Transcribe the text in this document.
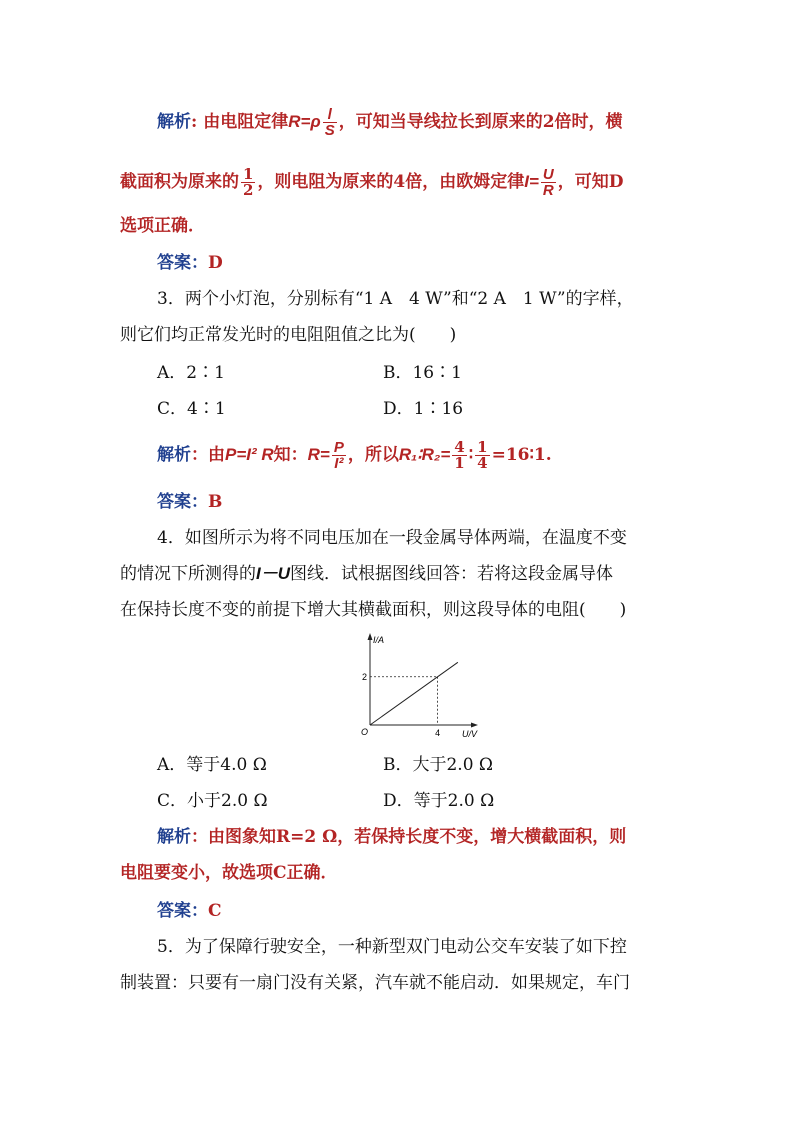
解析: 由电阻定律$R=\rho \frac{l}{S}$ ，可知当导线拉长到原来的2倍时，横
截面积为原来的 $\frac{1}{2}$ ，则电阻为原来的4倍，由欧姆定律$I= \frac{U}{R}$ ，可知D
选项正确．
答案：D
3．两个小灯泡，分别标有“1 A　4 W”和“2 A　1 W”的字样，
则它们均正常发光时的电阻阻值之比为(　　)
A．2∶1	B．16∶1
C．4∶1	D．1∶16
解析：由P=I² R知：$R= \frac{P}{\text{I²}}$ ，所以R₁∶R₂= $\frac{4}{1}$ ∶ $\frac{1}{4}$ =16∶1.
答案：B
4．如图所示为将不同电压加在一段金属导体两端，在温度不变
的情况下所测得的I－U图线．试根据图线回答：若将这段金属导体
在保持长度不变的前提下增大其横截面积，则这段导体的电阻(　　)
I/A
U/V
O	4
2
A．等于4.0 Ω	B．大于2.0 Ω
C．小于2.0 Ω	D．等于2.0 Ω
解析：由图象知R=2 Ω，若保持长度不变，增大横截面积，则
电阻要变小，故选项C正确．
答案：C
5．为了保障行驶安全，一种新型双门电动公交车安装了如下控
制装置：只要有一扇门没有关紧，汽车就不能启动．如果规定，车门
